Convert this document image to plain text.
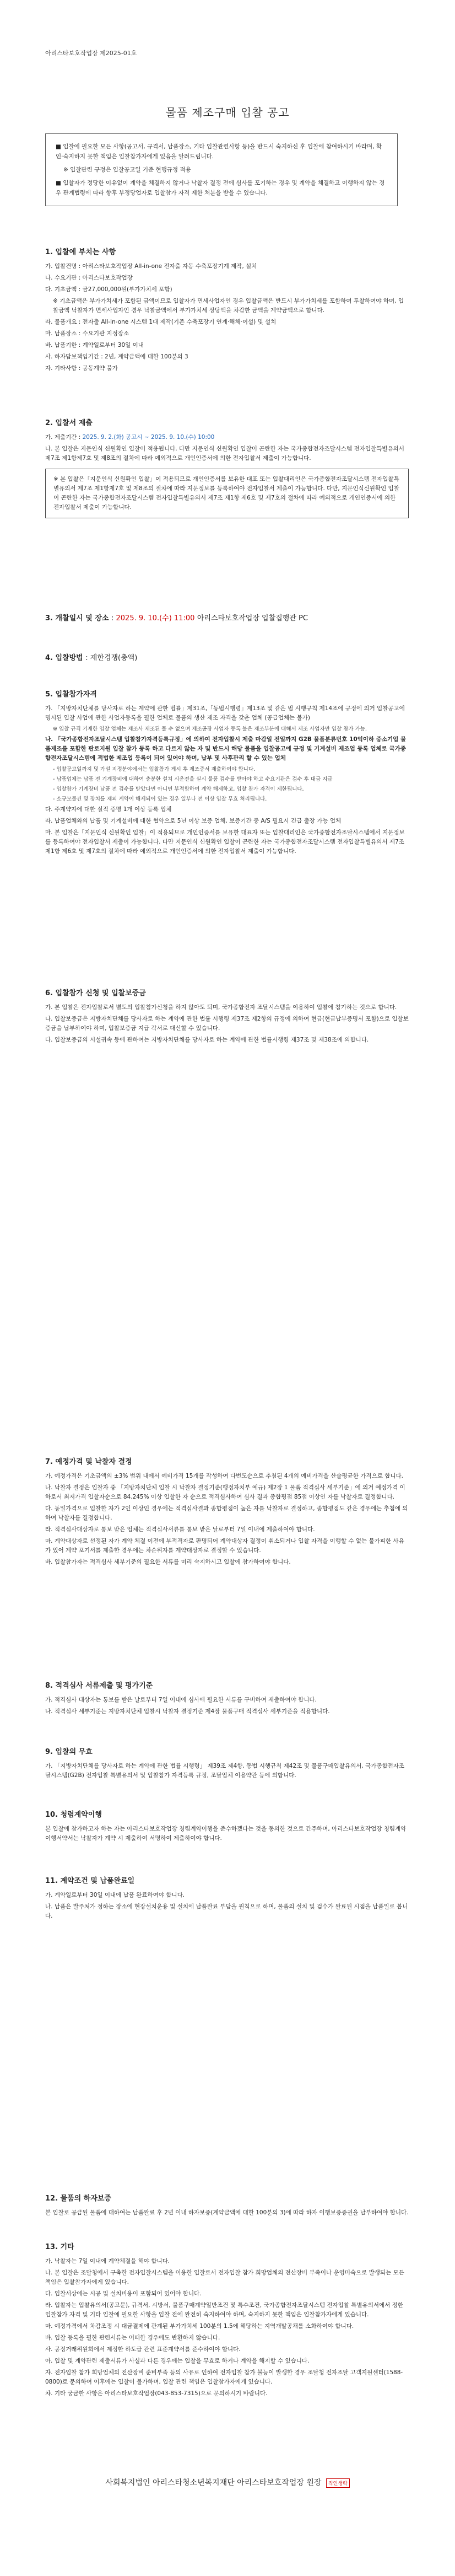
아리스타보호작업장 제2025-01호
물품 제조구매 입찰 공고

■ 입찰에 필요한 모든 사항(공고서, 규격서, 납품장소, 기타 입찰관련사항 등)을 반드시 숙지하신 후 입찰에 참여하시기 바라며, 확인·숙지하지 못한 책임은 입찰참가자에게 있음을 알려드립니다.

※ 입찰관련 규정은 입찰공고일 기준 현행규정 적용

■ 입찰자가 정당한 이유없이 계약을 체결하지 않거나 낙찰자 결정 전에 심사를 포기하는 경우 및 계약을 체결하고 이행하지 않는 경우 관계법령에 따라 향후 부정당업자로 입찰참가 자격 제한 처분을 받을 수 있습니다.

1. 입찰에 부치는 사항
가. 입찰건명 : 아리스타보호작업장 All-in-one 전자출 자동 수축포장기계 제작, 설치
나. 수요기관 : 아리스타보호작업장
다. 기초금액 : 금27,000,000원(부가가치세 포함)
※ 기초금액은 부가가치세가 포함된 금액이므로 입찰자가 면세사업자인 경우 입찰금액은 반드시 부가가치세를 포함하여 투찰하여야 하며, 입찰금액 낙찰자가 면세사업자인 경우 낙찰금액에서 부가가치세 상당액을 차감한 금액을 계약금액으로 합니다.
라. 물품개요 : 전자출 All-in-one 시스템 1대 제작(기존 수축포장기 연계·해체·이설) 및 설치
마. 납품장소 : 수요기관 지정장소
바. 납품기한 : 계약일로부터 30일 이내
사. 하자담보책임기간 : 2년, 계약금액에 대한 100분의 3
자. 기타사항 : 공동계약 불가
2. 입찰서 제출
가. 제출기간 : 2025. 9. 2.(화) 공고시 ~ 2025. 9. 10.(수) 10:00
나. 본 입찰은 지문인식 신원확인 입찰이 적용됩니다. 다만 지문인식 신원확인 입찰이 곤란한 자는 국가종합전자조달시스템 전자입찰특별유의서 제7조 제1항제7호 및 제8조의 절차에 따라 예외적으로 개인인증서에 의한 전자입찰서 제출이 가능합니다.
※ 본 입찰은「지문인식 신원확인 입찰」이 적용되므로 개인인증서를 보유한 대표 또는 입찰대리인은 국가종합전자조달시스템 전자입찰특별유의서 제7조 제1항제7호 및 제8조의 절차에 따라 지문정보를 등록하여야 전자입찰서 제출이 가능합니다. 다만, 지문인식신원확인 입찰이 곤란한 자는 국가종합전자조달시스템 전자입찰특별유의서 제7조 제1항 제6호 및 제7호의 절차에 따라 예외적으로 개인인증서에 의한 전자입찰서 제출이 가능합니다.
3. 개찰일시 및 장소 : 2025. 9. 10.(수) 11:00 아리스타보호작업장 입찰집행관 PC
4. 입찰방법 : 제한경쟁(총액)
5. 입찰참가자격
가. 「지방자치단체를 당사자로 하는 계약에 관한 법률」제31조,「동법시행령」제13조 및 같은 법 시행규칙 제14조에 규정에 의거 입찰공고에 명시된 입찰 사업에 관한 사업자등록을 필한 업체로 물품의 생산 제조 자격을 갖춘 업체 (공급업체는 불가)
※ 입찰 규격 기재한 입찰 업체는 제조사 제조된 물 수 없으며 제조공장 사업자 등록 불은 제조부분에 대해서 제조 사업자만 입찰 참가 가능.
나. 「국가종합전자조달시스템 입찰참가자격등록규정」에 의하여 전자입찰시 제출 마감일 전일까지 G2B 물품분류번호 10억이하 중소기업 물품제조를 포함한 판로지원 입찰 참가 등록 하고 다르지 않는 자 및 반드시 해당 물품을 입찰공고에 규정 및 기계설비 제조업 등록 업체로 국가종합전자조달시스템에 적법한 제조업 등록이 되어 있어야 하며, 납부 및 사후관리 할 수 있는 업체
- 입찰공고일까지 및 가설 지정분야에서는 입찰참가 게시 후 제조증서 제출하여야 합니다.
- 납품업체는 납품 전 기계장비에 대하여 충분한 설치 시운전을 실시 물품 검수를 받아야 하고 수요기관은 검수 후 대금 지급
- 입찰참가 기계장비 납품 전 검수를 받았다면 아니면 부적합하여 계약 해제하고, 입찰 참가 자격이 제한됩니다.
- 소규모물건 및 장치를 제외 계약이 해제되어 있는 경우 일부나 전 이상 입찰 무효 처리됩니다.
다. 주계약자에 대한 실적 증명 1개 이상 등록 업체
라. 납품업체와의 납품 및 기계설비에 대한 협약으로 5년 이상 보증 업체, 보증기간 중 A/S 필요시 긴급 출장 가능 업체
마. 본 입찰은「지문인식 신원확인 입찰」이 적용되므로 개인인증서를 보유한 대표자 또는 입찰대리인은 국가종합전자조달시스템에서 지문정보를 등록하여야 전자입찰서 제출이 가능합니다. 다만 지문인식 신원확인 입찰이 곤란한 자는 국가종합전자조달시스템 전자입찰특별유의서 제7조 제1항 제6호 및 제7호의 절차에 따라 예외적으로 개인인증서에 의한 전자입찰서 제출이 가능합니다.
6. 입찰참가 신청 및 입찰보증금
가. 본 입찰은 전자입찰로서 별도의 입찰참가신청을 하지 않아도 되며, 국가종합전자 조달시스템을 이용하여 입찰에 참가하는 것으로 합니다.
나. 입찰보증금은 지방자치단체를 당사자로 하는 계약에 관한 법률 시행령 제37조 제2항의 규정에 의하여 현금(현금납부증명서 포함)으로 입찰보증금을 납부하여야 하며, 입찰보증금 지급 각서로 대신할 수 있습니다.
다. 입찰보증금의 시설귀속 등에 관하여는 지방자치단체를 당사자로 하는 계약에 관한 법률시행령 제37조 및 제38조에 의합니다.
7. 예정가격 및 낙찰자 결정
가. 예정가격은 기초금액의 ±3% 범위 내에서 예비가격 15개를 작성하여 다번도순으로 추첨된 4개의 예비가격을 산술평균한 가격으로 합니다.
나. 낙찰자 결정은 입찰자 중 「지방자치단체 입찰 시 낙찰자 결정기준(행정자치부 예규) 제2장 1 물품 적격심사 세부기준」에 의거 예정가격 이하로서 최저가격 입찰자순으로 84.245% 이상 입찰한 자 순으로 적격심사하여 심사 결과 종합평점 85점 이상인 자를 낙찰자로 결정합니다.
다. 동일가격으로 입찰한 자가 2인 이상인 경우에는 적격심사결과 종합평점이 높은 자를 낙찰자로 결정하고, 종합평점도 같은 경우에는 추첨에 의하여 낙찰자를 결정합니다.
라. 적격심사대상자로 통보 받은 업체는 적격심사서류를 통보 받은 날로부터 7일 이내에 제출하여야 합니다.
마. 계약대상자로 선정된 자가 계약 체결 이전에 부적격자로 판명되어 계약대상자 결정이 취소되거나 입찰 자격을 이행할 수 없는 불가피한 사유가 있어 계약 포기서를 제출한 경우에는 차순위자를 계약대상자로 결정할 수 있습니다.
바. 입찰참가자는 적격심사 세부기준의 필요한 서류를 미리 숙지하시고 입찰에 참가하여야 합니다.
8. 적격심사 서류제출 및 평가기준
가. 적격심사 대상자는 통보를 받은 날로부터 7일 이내에 심사에 필요한 서류를 구비하여 제출하여야 합니다.
나. 적격심사 세부기준는 지방자치단체 입찰시 낙찰자 결정기준 제4장 물품구매 적격심사 세부기준을 적용합니다.
9. 입찰의 무효
가. 「지방자치단체를 당사자로 하는 계약에 관한 법률 시행령」 제39조 제4항, 동법 시행규칙 제42조 및 물품구매입찰유의서, 국가종합전자조달시스템(G2B) 전자입찰 특별유의서 및 입찰참가 자격등록 규정, 조달업체 이용약관 등에 의합니다.
10. 청렴계약이행
본 입찰에 참가하고자 하는 자는 아리스타보호작업장 청렴계약이행을 준수하겠다는 것을 동의한 것으로 간주하며, 아리스타보호작업장 청렴계약이행서약서는 낙찰자가 계약 시 제출하여 서명하여 제출하여야 합니다.
11. 계약조건 및 납품완료일
가. 계약일로부터 30일 이내에 납품 완료하여야 합니다.
나. 납품은 발주처가 정하는 장소에 현장설치운용 및 설치에 납품완료 부담을 원칙으로 하며, 물품의 설치 및 검수가 완료된 시점을 납품일로 봅니다.
12. 물품의 하자보증
본 입찰로 공급된 물품에 대하여는 납품완료 후 2년 이내 하자보증(계약금액에 대한 100분의 3)에 따라 하자 이행보증증권을 납부하여야 합니다.
13. 기타
가. 낙찰자는 7일 이내에 계약체결을 해야 합니다.
나. 본 입찰은 조달청에서 구축한 전자입찰시스템을 이용한 입찰로서 전자입찰 참가 희망업체의 전산장비 부족이나 운영미숙으로 발생되는 모든 책임은 입찰참가자에게 있습니다.
다. 입찰서상에는 시공 및 설치비용이 포함되어 있어야 합니다.
라. 입찰자는 입찰유의서(공고문), 규격서, 시방서, 물품구매계약일반조건 및 특수조건, 국가종합전자조달시스템 전자입찰 특별유의서에서 정한 입찰참가 자격 및 기타 입찰에 필요한 사항을 입찰 전에 완전히 숙지하여야 하며, 숙지하지 못한 책임은 입찰참가자에게 있습니다.
마. 예정가격에서 차감조정 시 대금결제에 관계된 부가가치세 100분의 1.5에 해당하는 지역개발공채를 소화하여야 합니다.
바. 입찰 등록을 필한 관련서류는 어떠한 경우에도 반환하지 않습니다.
사. 공정거래위원회에서 제정한 하도급 관련 표준계약서를 준수하여야 합니다.
아. 입찰 및 계약관련 제출서류가 사실과 다른 경우에는 입찰을 무효로 하거나 계약을 해지할 수 있습니다.
자. 전자입찰 참가 희망업체의 전산장비 준비부족 등의 사유로 인하여 전자입찰 참가 불능이 발생한 경우 조달청 전자조달 고객지원센터(1588-0800)로 문의하여 이후에는 입찰이 불가하며, 입찰 관련 책임은 입찰참가자에게 있습니다.
차. 기타 궁금한 사항은 아리스타보호작업장(043-853-7315)으로 문의하시기 바랍니다.
사회복지법인 아리스타청소년복지재단 아리스타보호작업장 원장 직인생략
